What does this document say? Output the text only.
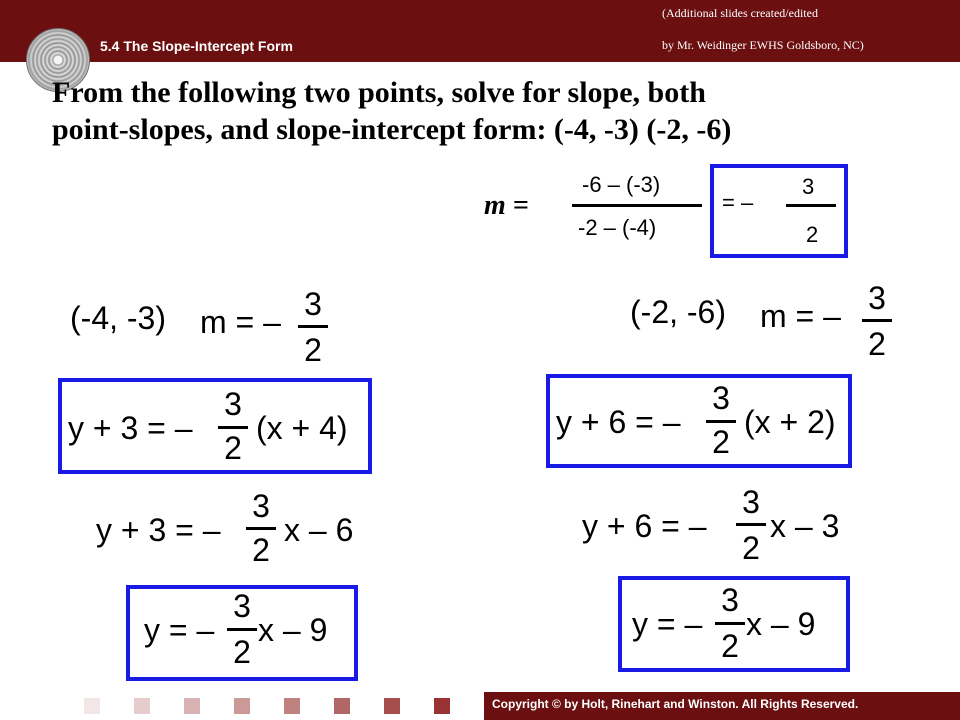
5.4 The Slope-Intercept Form
(Additional slides created/edited
by Mr. Weidinger EWHS Goldsboro, NC)
From the following two points, solve for slope, both
point-slopes, and slope-intercept form: (-4, -3) (-2, -6)
m =
-6 – (-3)
-2 – (-4)
= –
3
2
(-4, -3) m = – 3
2
y + 3 = –
3
2
(x + 4)
y + 3 = –
3
2
x – 6
y = –
3
2
x – 9
(-2, -6) m = – 3
2
y + 6 = –
3
2
(x + 2)
y + 6 = –
3
2
x – 3
y = –
3
2
x – 9
Copyright © by Holt, Rinehart and Winston. All Rights Reserved.
